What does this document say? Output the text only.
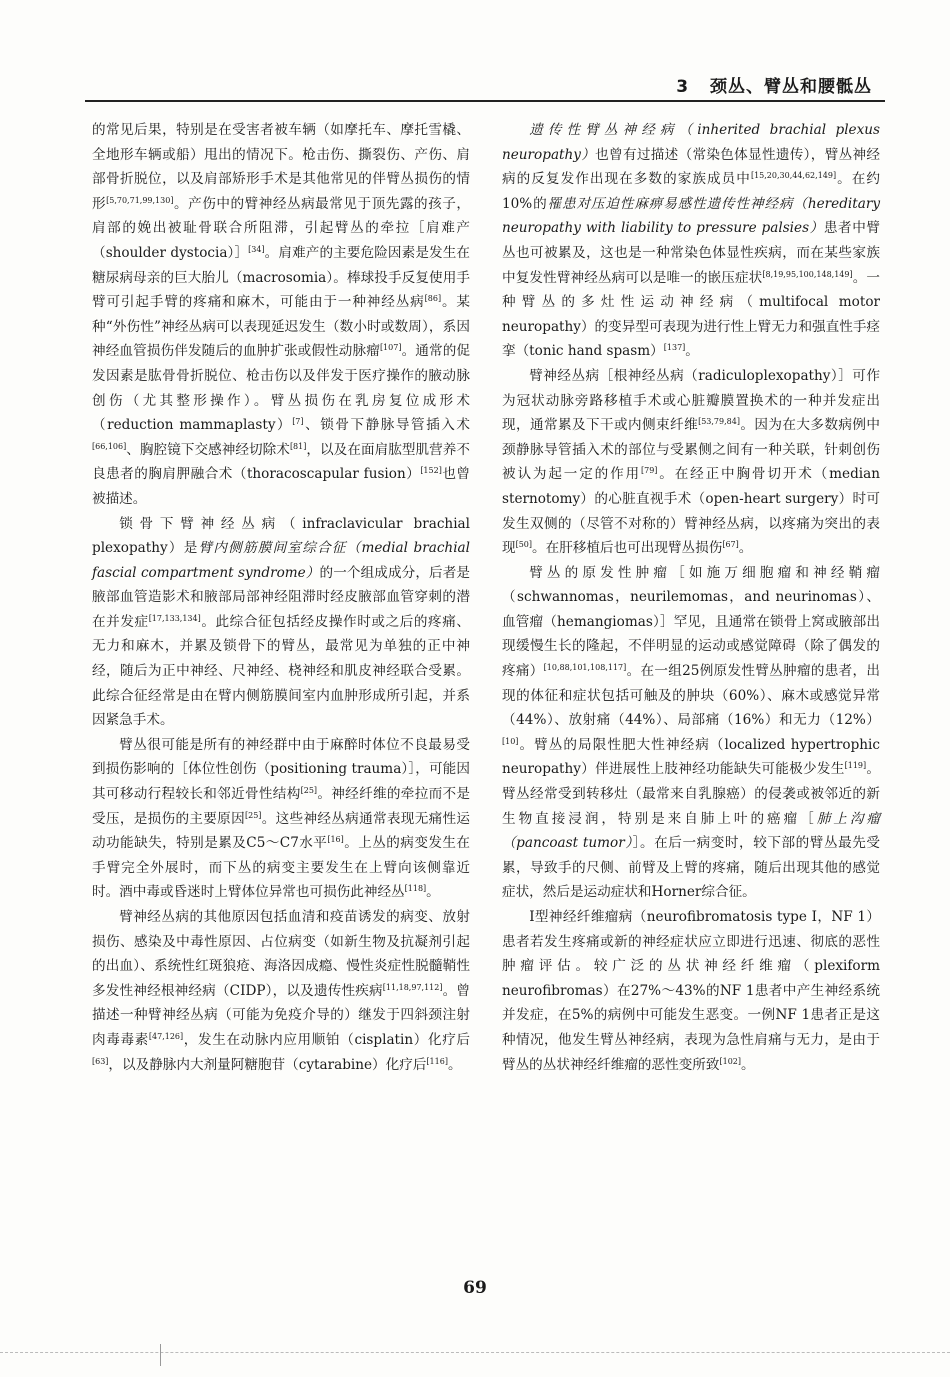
3 颈丛、臂丛和腰骶丛

的常见后果，特别是在受害者被车辆（如摩托车、摩托雪橇、全地形车辆或船）甩出的情况下。枪击伤、撕裂伤、产伤、肩部骨折脱位，以及肩部矫形手术是其他常见的伴臂丛损伤的情形[5,70,71,99,130]。产伤中的臂神经丛病最常见于顶先露的孩子，肩部的娩出被耻骨联合所阻滞，引起臂丛的牵拉［肩难产（shoulder dystocia）］[34]。肩难产的主要危险因素是发生在糖尿病母亲的巨大胎儿（macrosomia）。棒球投手反复使用手臂可引起手臂的疼痛和麻木，可能由于一种神经丛病[86]。某种“外伤性”神经丛病可以表现延迟发生（数小时或数周），系因神经血管损伤伴发随后的血肿扩张或假性动脉瘤[107]。通常的促发因素是肱骨骨折脱位、枪击伤以及伴发于医疗操作的腋动脉创伤（尤其整形操作）。臂丛损伤在乳房复位成形术（reduction mammaplasty）[7]、锁骨下静脉导管插入术[66,106]、胸腔镜下交感神经切除术[81]，以及在面肩肱型肌营养不良患者的胸肩胛融合术（thoracoscapular fusion）[152]也曾被描述。

锁骨下臂神经丛病（infraclavicular brachial plexopathy）是臂内侧筋膜间室综合征（medial brachial fascial compartment syndrome）的一个组成成分，后者是腋部血管造影术和腋部局部神经阻滞时经皮腋部血管穿刺的潜在并发症[17,133,134]。此综合征包括经皮操作时或之后的疼痛、无力和麻木，并累及锁骨下的臂丛，最常见为单独的正中神经，随后为正中神经、尺神经、桡神经和肌皮神经联合受累。此综合征经常是由在臂内侧筋膜间室内血肿形成所引起，并系因紧急手术。

臂丛很可能是所有的神经群中由于麻醉时体位不良最易受到损伤影响的［体位性创伤（positioning trauma）］，可能因其可移动行程较长和邻近骨性结构[25]。神经纤维的牵拉而不是受压，是损伤的主要原因[25]。这些神经丛病通常表现无痛性运动功能缺失，特别是累及C5～C7水平[16]。上丛的病变发生在手臂完全外展时，而下丛的病变主要发生在上臂向该侧靠近时。酒中毒或昏迷时上臂体位异常也可损伤此神经丛[118]。

臂神经丛病的其他原因包括血清和疫苗诱发的病变、放射损伤、感染及中毒性原因、占位病变（如新生物及抗凝剂引起的出血）、系统性红斑狼疮、海洛因成瘾、慢性炎症性脱髓鞘性多发性神经根神经病（CIDP），以及遗传性疾病[11,18,97,112]。曾描述一种臂神经丛病（可能为免疫介导的）继发于四斜颈注射肉毒毒素[47,126]，发生在动脉内应用顺铂（cisplatin）化疗后[63]，以及静脉内大剂量阿糖胞苷（cytarabine）化疗后[116]。

遗传性臂丛神经病（inherited brachial plexus neuropathy）也曾有过描述（常染色体显性遗传），臂丛神经病的反复发作出现在多数的家族成员中[15,20,30,44,62,149]。在约10%的罹患对压迫性麻痹易感性遗传性神经病（hereditary neuropathy with liability to pressure palsies）患者中臂丛也可被累及，这也是一种常染色体显性疾病，而在某些家族中复发性臂神经丛病可以是唯一的嵌压症状[8,19,95,100,148,149]。一种臂丛的多灶性运动神经病（multifocal motor neuropathy）的变异型可表现为进行性上臂无力和强直性手痉挛（tonic hand spasm）[137]。

臂神经丛病［根神经丛病（radiculoplexopathy）］可作为冠状动脉旁路移植手术或心脏瓣膜置换术的一种并发症出现，通常累及下干或内侧束纤维[53,79,84]。因为在大多数病例中颈静脉导管插入术的部位与受累侧之间有一种关联，针刺创伤被认为起一定的作用[79]。在经正中胸骨切开术（median sternotomy）的心脏直视手术（open-heart surgery）时可发生双侧的（尽管不对称的）臂神经丛病，以疼痛为突出的表现[50]。在肝移植后也可出现臂丛损伤[67]。

臂丛的原发性肿瘤［如施万细胞瘤和神经鞘瘤（schwannomas，neurilemomas，and neurinomas）、血管瘤（hemangiomas）］罕见，且通常在锁骨上窝或腋部出现缓慢生长的隆起，不伴明显的运动或感觉障碍（除了偶发的疼痛）[10,88,101,108,117]。在一组25例原发性臂丛肿瘤的患者，出现的体征和症状包括可触及的肿块（60%）、麻木或感觉异常（44%）、放射痛（44%）、局部痛（16%）和无力（12%）[10]。臂丛的局限性肥大性神经病（localized hypertrophic neuropathy）伴进展性上肢神经功能缺失可能极少发生[119]。臂丛经常受到转移灶（最常来自乳腺癌）的侵袭或被邻近的新生物直接浸润，特别是来自肺上叶的癌瘤［肺上沟瘤（pancoast tumor）］。在后一病变时，较下部的臂丛最先受累，导致手的尺侧、前臂及上臂的疼痛，随后出现其他的感觉症状，然后是运动症状和Horner综合征。

Ⅰ型神经纤维瘤病（neurofibromatosis type Ⅰ，NF 1）患者若发生疼痛或新的神经症状应立即进行迅速、彻底的恶性肿瘤评估。较广泛的丛状神经纤维瘤（plexiform neurofibromas）在27%～43%的NF 1患者中产生神经系统并发症，在5%的病例中可能发生恶变。一例NF 1患者正是这种情况，他发生臂丛神经病，表现为急性肩痛与无力，是由于臂丛的丛状神经纤维瘤的恶性变所致[102]。

69
